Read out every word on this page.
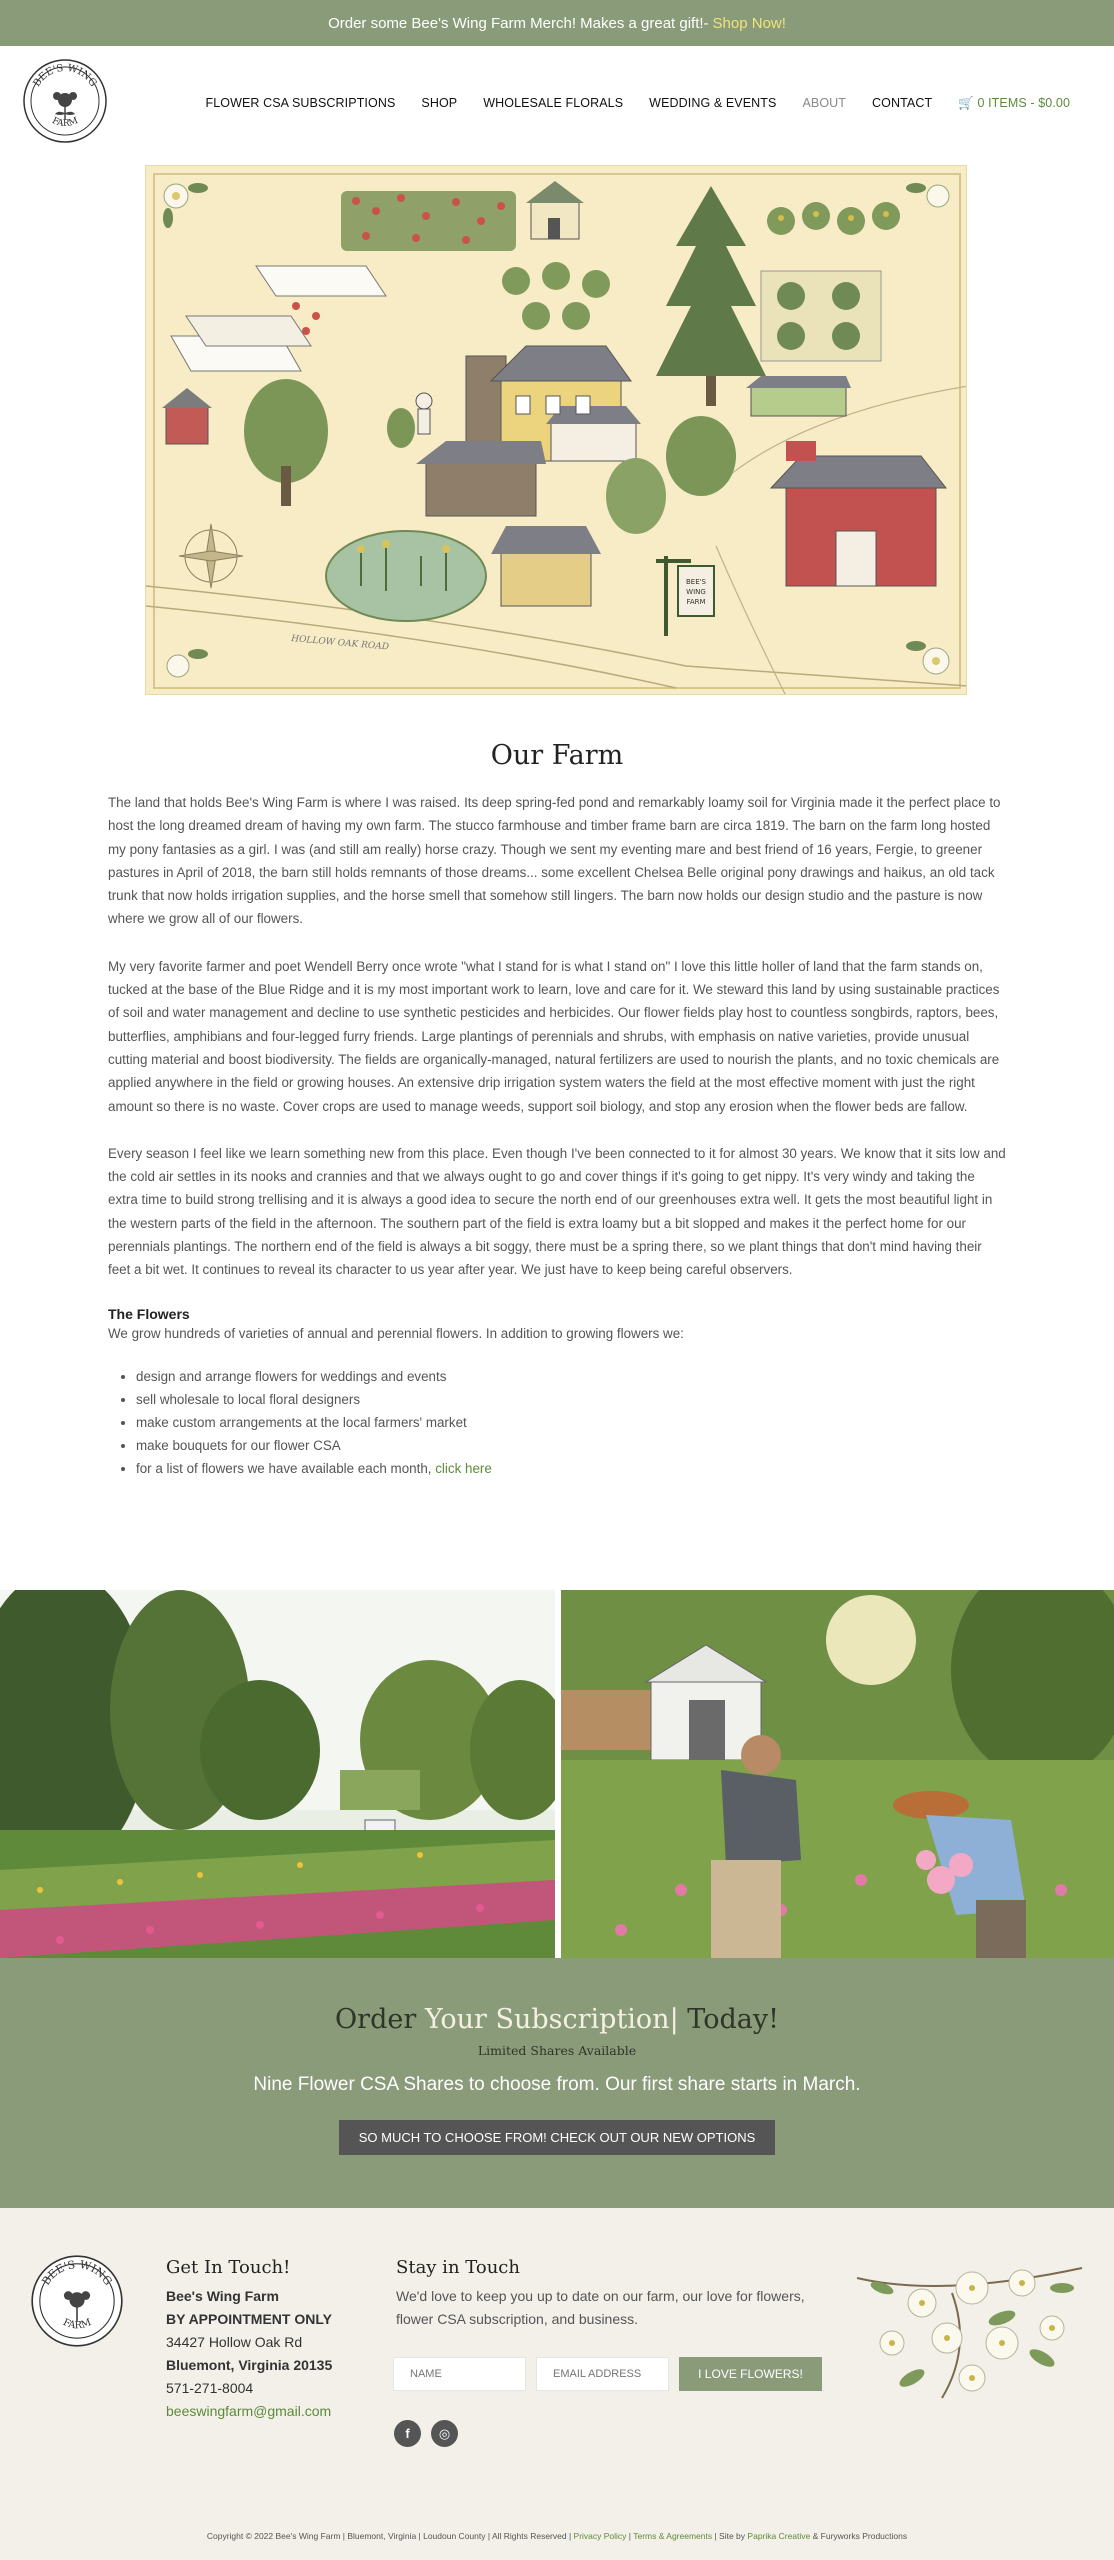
Order some Bee's Wing Farm Merch! Makes a great gift!- Shop Now!
BEE'S WING
FARM
FLOWER CSA SUBSCRIPTIONS SHOP WHOLESALE FLORALS WEDDING & EVENTS ABOUT CONTACT 🛒 0 ITEMS - $0.00
BEE'S
WING
FARM
HOLLOW OAK ROAD
Our Farm

The land that holds Bee's Wing Farm is where I was raised. Its deep spring-fed pond and remarkably loamy soil for Virginia made it the perfect place to host the long dreamed dream of having my own farm. The stucco farmhouse and timber frame barn are circa 1819. The barn on the farm long hosted my pony fantasies as a girl. I was (and still am really) horse crazy. Though we sent my eventing mare and best friend of 16 years, Fergie, to greener pastures in April of 2018, the barn still holds remnants of those dreams... some excellent Chelsea Belle original pony drawings and haikus, an old tack trunk that now holds irrigation supplies, and the horse smell that somehow still lingers. The barn now holds our design studio and the pasture is now where we grow all of our flowers.

My very favorite farmer and poet Wendell Berry once wrote "what I stand for is what I stand on" I love this little holler of land that the farm stands on, tucked at the base of the Blue Ridge and it is my most important work to learn, love and care for it. We steward this land by using sustainable practices of soil and water management and decline to use synthetic pesticides and herbicides. Our flower fields play host to countless songbirds, raptors, bees, butterflies, amphibians and four-legged furry friends. Large plantings of perennials and shrubs, with emphasis on native varieties, provide unusual cutting material and boost biodiversity. The fields are organically-managed, natural fertilizers are used to nourish the plants, and no toxic chemicals are applied anywhere in the field or growing houses. An extensive drip irrigation system waters the field at the most effective moment with just the right amount so there is no waste. Cover crops are used to manage weeds, support soil biology, and stop any erosion when the flower beds are fallow.

Every season I feel like we learn something new from this place. Even though I've been connected to it for almost 30 years. We know that it sits low and the cold air settles in its nooks and crannies and that we always ought to go and cover things if it's going to get nippy. It's very windy and taking the extra time to build strong trellising and it is always a good idea to secure the north end of our greenhouses extra well. It gets the most beautiful light in the western parts of the field in the afternoon. The southern part of the field is extra loamy but a bit slopped and makes it the perfect home for our perennials plantings. The northern end of the field is always a bit soggy, there must be a spring there, so we plant things that don't mind having their feet a bit wet. It continues to reveal its character to us year after year. We just have to keep being careful observers.

The Flowers

We grow hundreds of varieties of annual and perennial flowers. In addition to growing flowers we:

• design and arrange flowers for weddings and events
• sell wholesale to local floral designers
• make custom arrangements at the local farmers' market
• make bouquets for our flower CSA
• for a list of flowers we have available each month, click here
Order Your Subscription| Today!
Limited Shares Available
Nine Flower CSA Shares to choose from. Our first share starts in March.
SO MUCH TO CHOOSE FROM! CHECK OUT OUR NEW OPTIONS
BEE'S WING
FARM
Get In Touch!
Bee's Wing Farm
BY APPOINTMENT ONLY
34427 Hollow Oak Rd
Bluemont, Virginia 20135
571-271-8004
beeswingfarm@gmail.com
Stay in Touch
We'd love to keep you up to date on our farm, our love for flowers, flower CSA subscription, and business.
NAME
EMAIL ADDRESS
I LOVE FLOWERS!
f	◎
Copyright © 2022 Bee's Wing Farm | Bluemont, Virginia | Loudoun County | All Rights Reserved | Privacy Policy | Terms & Agreements | Site by Paprika Creative & Furyworks Productions
